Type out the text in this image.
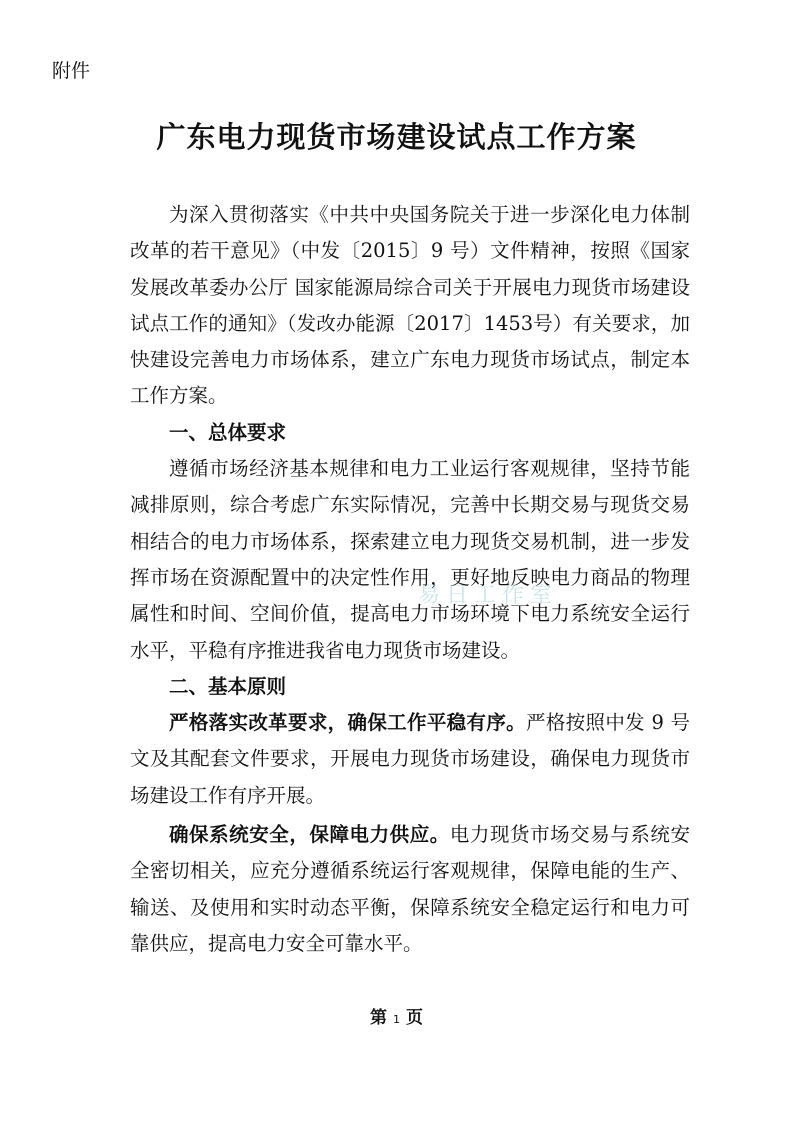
附件
广东电力现货市场建设试点工作方案

为深入贯彻落实《中共中央国务院关于进一步深化电力体制改革的若干意见》（中发〔2015〕9 号）文件精神，按照《国家发展改革委办公厅 国家能源局综合司关于开展电力现货市场建设试点工作的通知》（发改办能源〔2017〕1453号）有关要求，加快建设完善电力市场体系，建立广东电力现货市场试点，制定本工作方案。

一、总体要求

遵循市场经济基本规律和电力工业运行客观规律，坚持节能减排原则，综合考虑广东实际情况，完善中长期交易与现货交易相结合的电力市场体系，探索建立电力现货交易机制，进一步发挥市场在资源配置中的决定性作用，更好地反映电力商品的物理属性和时间、空间价值，提高电力市场环境下电力系统安全运行水平，平稳有序推进我省电力现货市场建设。

二、基本原则

严格落实改革要求，确保工作平稳有序。严格按照中发 9 号文及其配套文件要求，开展电力现货市场建设，确保电力现货市场建设工作有序开展。

确保系统安全，保障电力供应。电力现货市场交易与系统安全密切相关，应充分遵循系统运行客观规律，保障电能的生产、输送、及使用和实时动态平衡，保障系统安全稳定运行和电力可靠供应，提高电力安全可靠水平。

易日工作室
第 1 页
